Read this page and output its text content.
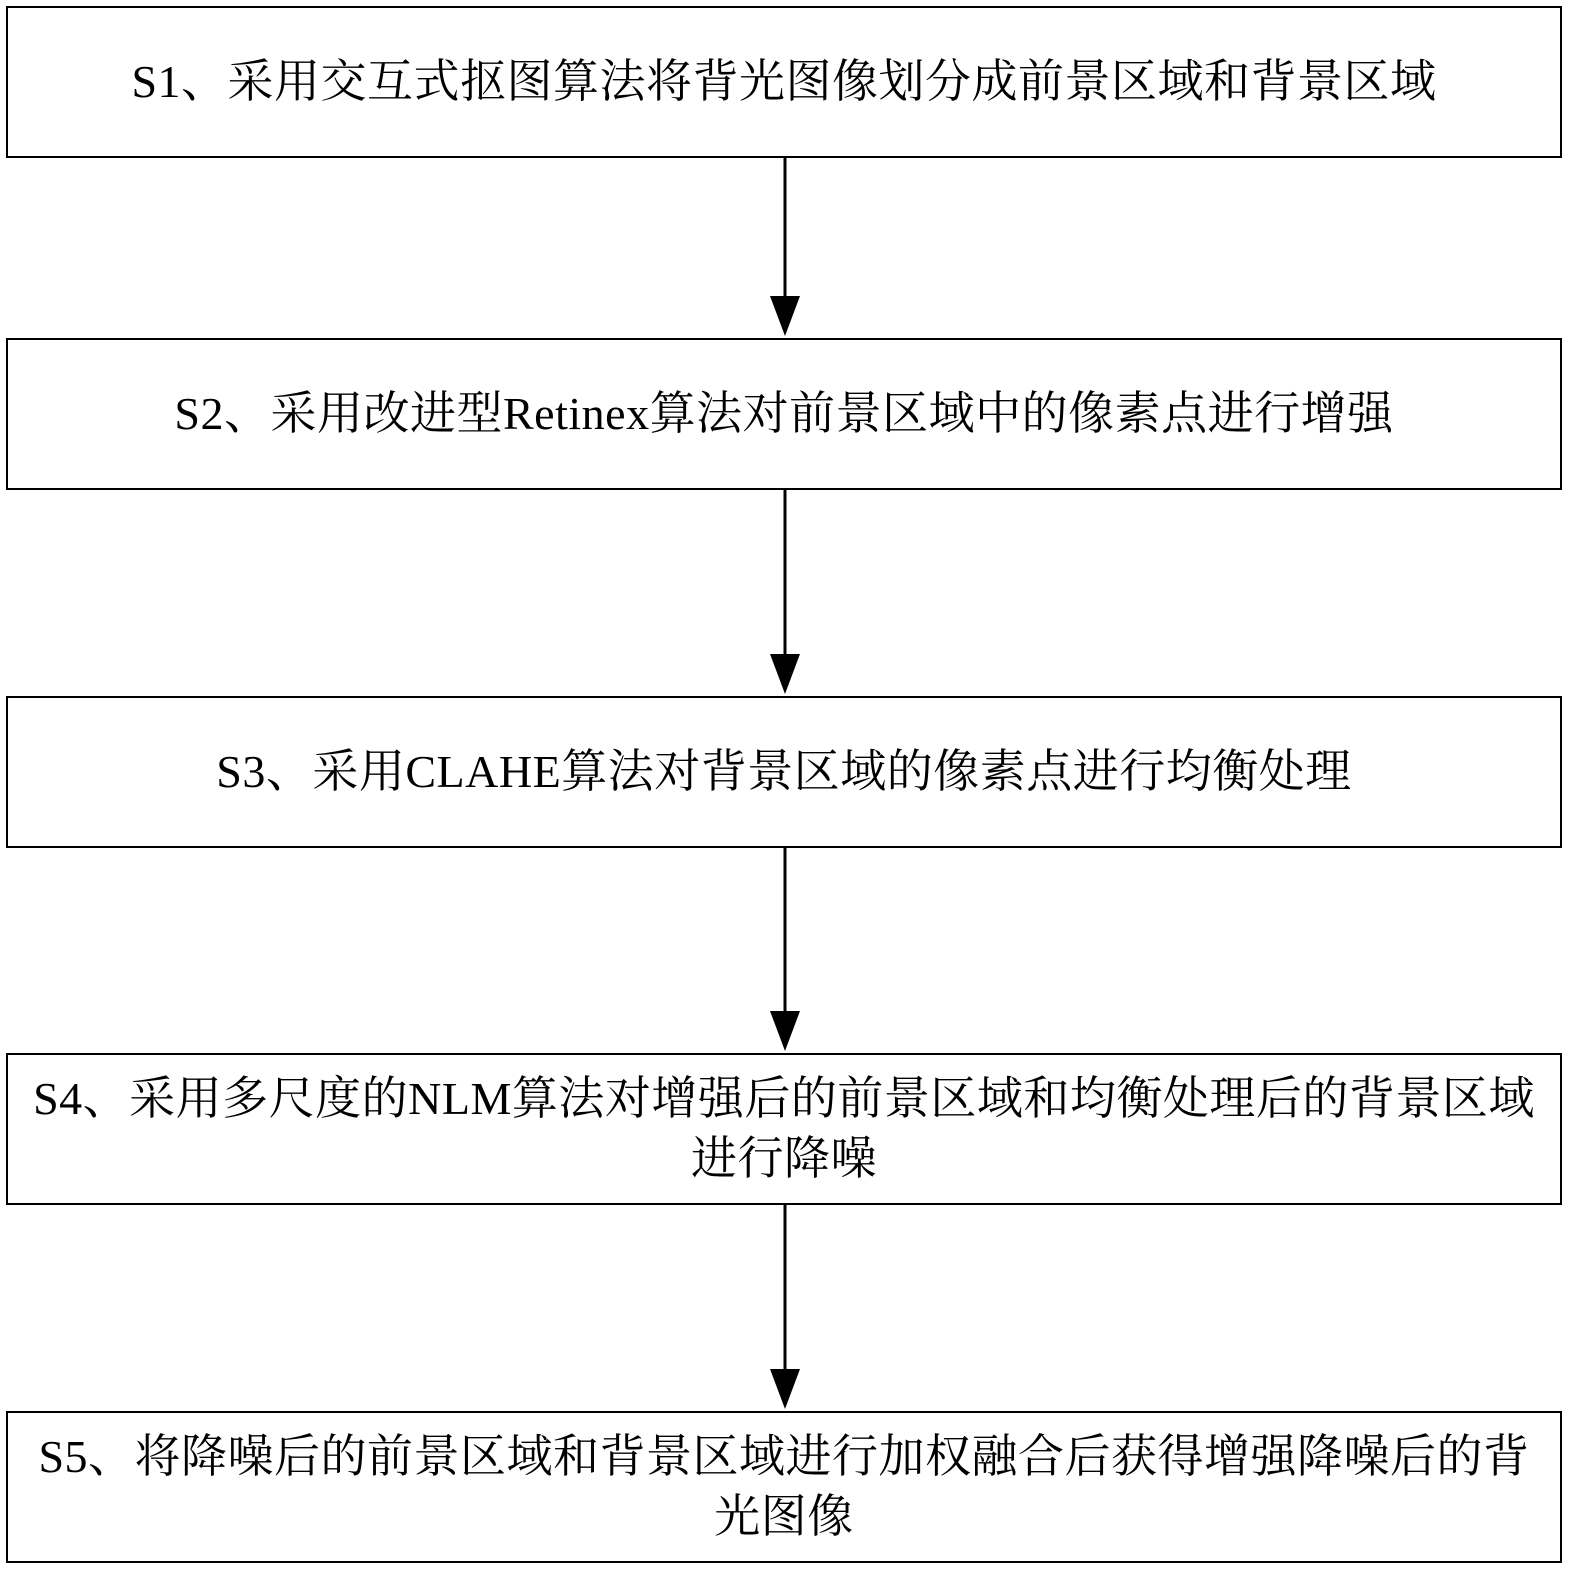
S1、采用交互式抠图算法将背光图像划分成前景区域和背景区域
S2、采用改进型Retinex算法对前景区域中的像素点进行增强
S3、采用CLAHE算法对背景区域的像素点进行均衡处理
S4、采用多尺度的NLM算法对增强后的前景区域和均衡处理后的背景区域进行降噪
S5、将降噪后的前景区域和背景区域进行加权融合后获得增强降噪后的背光图像
